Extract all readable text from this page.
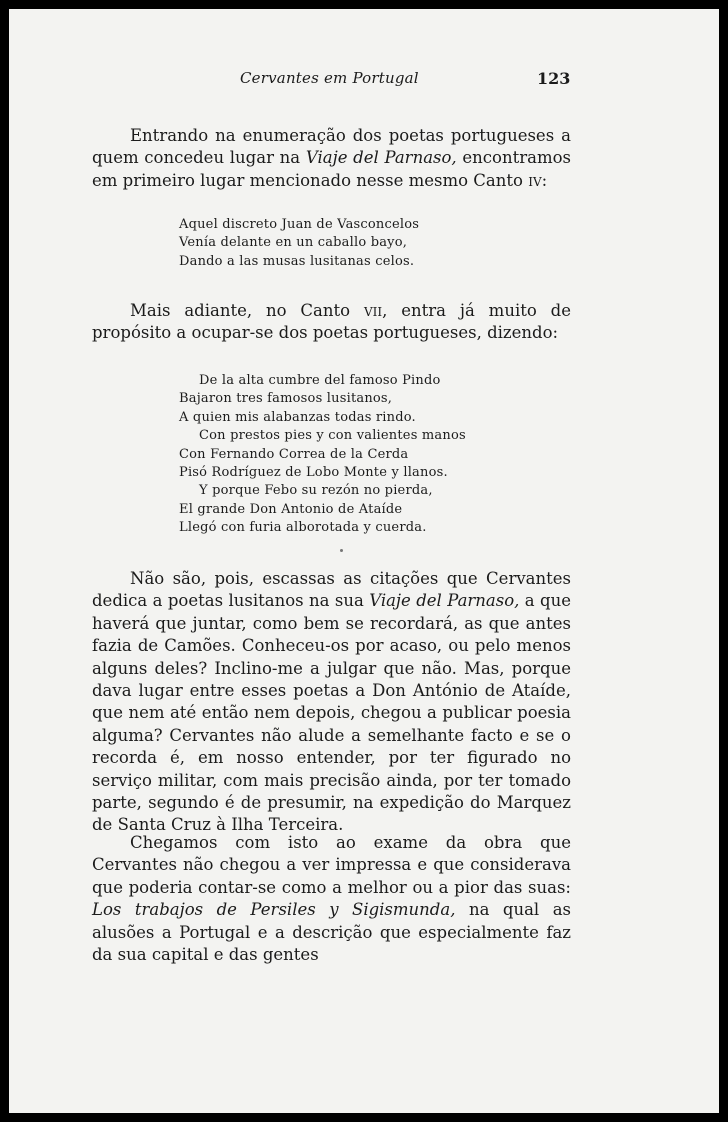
Cervantes em Portugal	123

Entrando na enumeração dos poetas portugueses a quem concedeu lugar na Viaje del Parnaso, encontramos em primeiro lugar mencionado nesse mesmo Canto iv:

Aquel discreto Juan de Vasconcelos
Venía delante en un caballo bayo,
Dando a las musas lusitanas celos.

Mais adiante, no Canto vii, entra já muito de propósito a ocupar-se dos poetas portugueses, dizendo:

De la alta cumbre del famoso Pindo
Bajaron tres famosos lusitanos,
A quien mis alabanzas todas rindo.
Con prestos pies y con valientes manos
Con Fernando Correa de la Cerda
Pisó Rodríguez de Lobo Monte y llanos.
Y porque Febo su rezón no pierda,
El grande Don Antonio de Ataíde
Llegó con furia alborotada y cuerda.

Não são, pois, escassas as citações que Cervantes dedica a poetas lusitanos na sua Viaje del Parnaso, a que haverá que juntar, como bem se recordará, as que antes fazia de Camões. Conheceu-os por acaso, ou pelo menos alguns deles? Inclino-me a julgar que não. Mas, porque dava lugar entre esses poetas a Don António de Ataíde, que nem até então nem depois, chegou a publicar poesia alguma? Cervantes não alude a semelhante facto e se o recorda é, em nosso entender, por ter figurado no serviço militar, com mais precisão ainda, por ter tomado parte, segundo é de presumir, na expedição do Marquez de Santa Cruz à Ilha Terceira.

Chegamos com isto ao exame da obra que Cervantes não chegou a ver impressa e que considerava que poderia contar-se como a melhor ou a pior das suas: Los trabajos de Persiles y Sigismunda, na qual as alusões a Portugal e a descrição que especialmente faz da sua capital e das gentes
